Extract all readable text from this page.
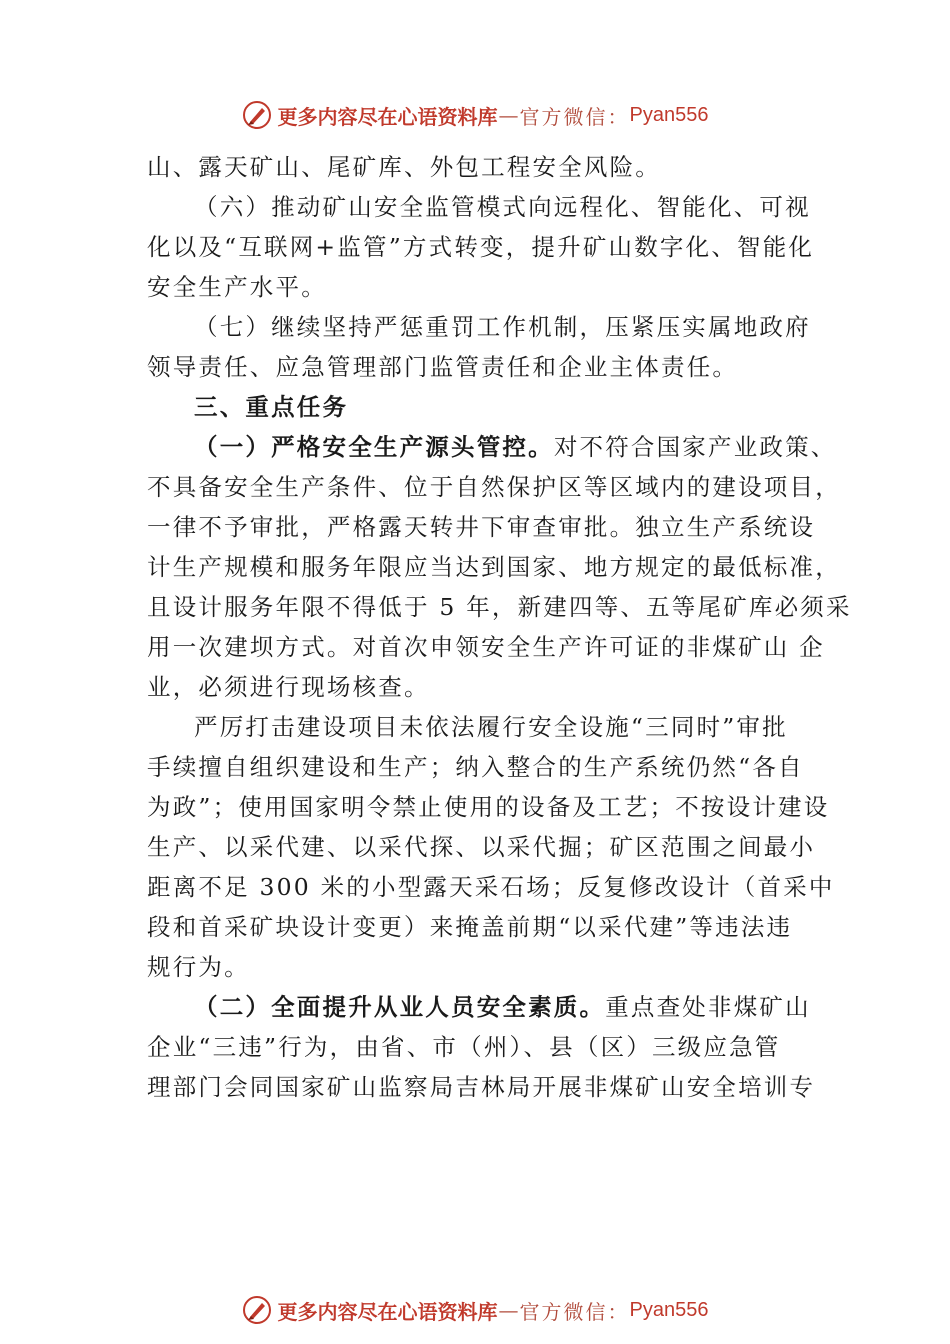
更多内容尽在心语资料库 — 官方微信： Pyan556
山、露天矿山、尾矿库、外包工程安全风险。
（六）推动矿山安全监管模式向远程化、智能化、可视
化以及“互联网+监管”方式转变，提升矿山数字化、智能化
安全生产水平。
（七）继续坚持严惩重罚工作机制，压紧压实属地政府
领导责任、应急管理部门监管责任和企业主体责任。
三、重点任务
（一）严格安全生产源头管控。对不符合国家产业政策、
不具备安全生产条件、位于自然保护区等区域内的建设项目，
一律不予审批，严格露天转井下审查审批。独立生产系统设
计生产规模和服务年限应当达到国家、地方规定的最低标准，
且设计服务年限不得低于 5 年，新建四等、五等尾矿库必须采
用一次建坝方式。对首次申领安全生产许可证的非煤矿山 企
业，必须进行现场核查。
严厉打击建设项目未依法履行安全设施“三同时”审批
手续擅自组织建设和生产；纳入整合的生产系统仍然“各自
为政”；使用国家明令禁止使用的设备及工艺；不按设计建设
生产、以采代建、以采代探、以采代掘；矿区范围之间最小
距离不足 300 米的小型露天采石场；反复修改设计（首采中
段和首采矿块设计变更）来掩盖前期“以采代建”等违法违
规行为。
（二）全面提升从业人员安全素质。重点查处非煤矿山
企业“三违”行为，由省、市（州）、县（区）三级应急管
理部门会同国家矿山监察局吉林局开展非煤矿山安全培训专
更多内容尽在心语资料库 — 官方微信： Pyan556
